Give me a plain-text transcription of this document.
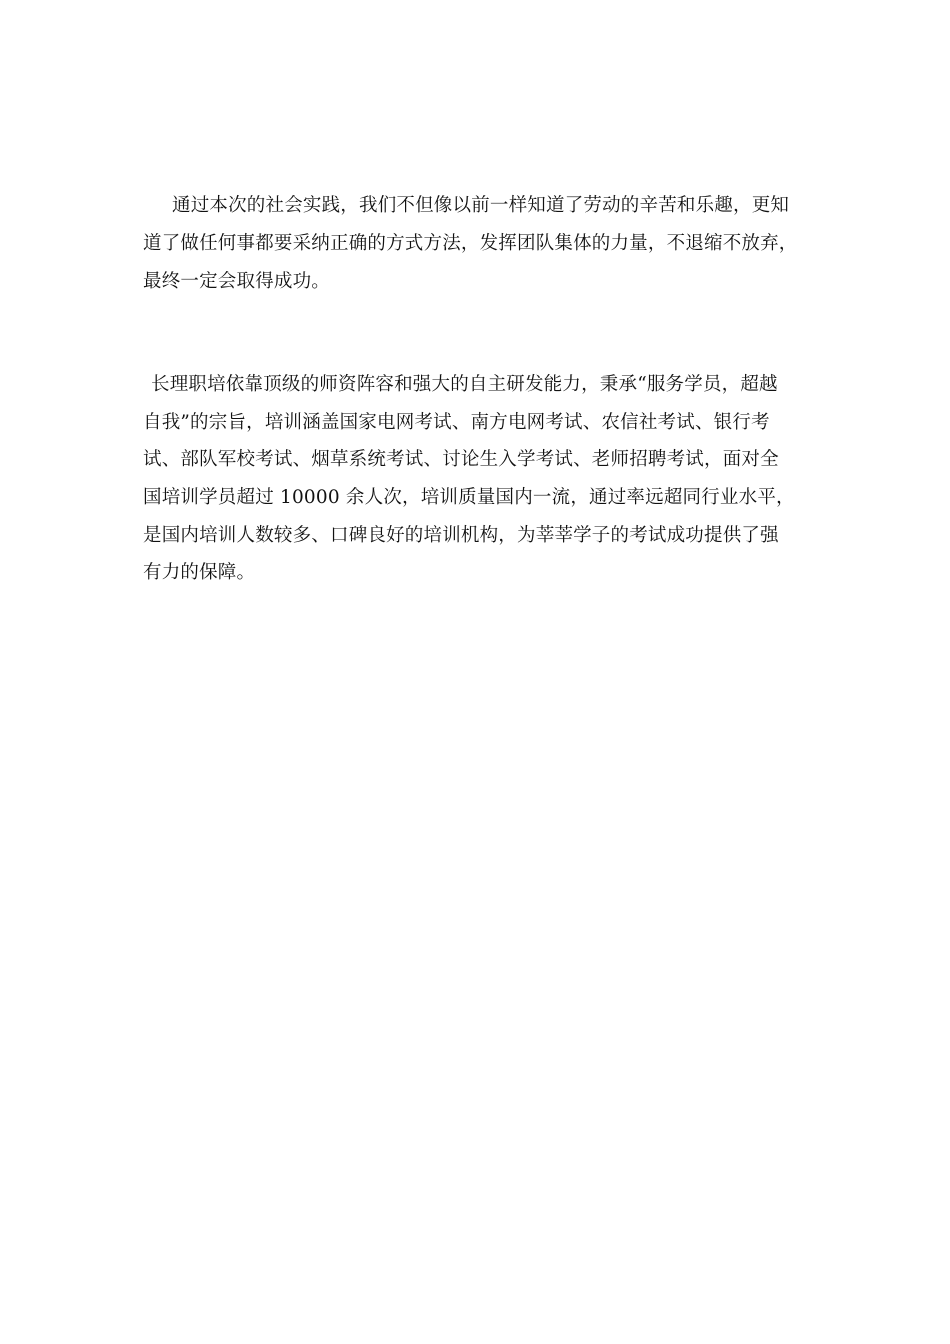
通过本次的社会实践，我们不但像以前一样知道了劳动的辛苦和乐趣，更知
道了做任何事都要采纳正确的方式方法，发挥团队集体的力量，不退缩不放弃，
最终一定会取得成功。
长理职培依靠顶级的师资阵容和强大的自主研发能力，秉承“服务学员，超越
自我”的宗旨，培训涵盖国家电网考试、南方电网考试、农信社考试、银行考
试、部队军校考试、烟草系统考试、讨论生入学考试、老师招聘考试，面对全
国培训学员超过 10000 余人次，培训质量国内一流，通过率远超同行业水平，
是国内培训人数较多、口碑良好的培训机构，为莘莘学子的考试成功提供了强
有力的保障。
